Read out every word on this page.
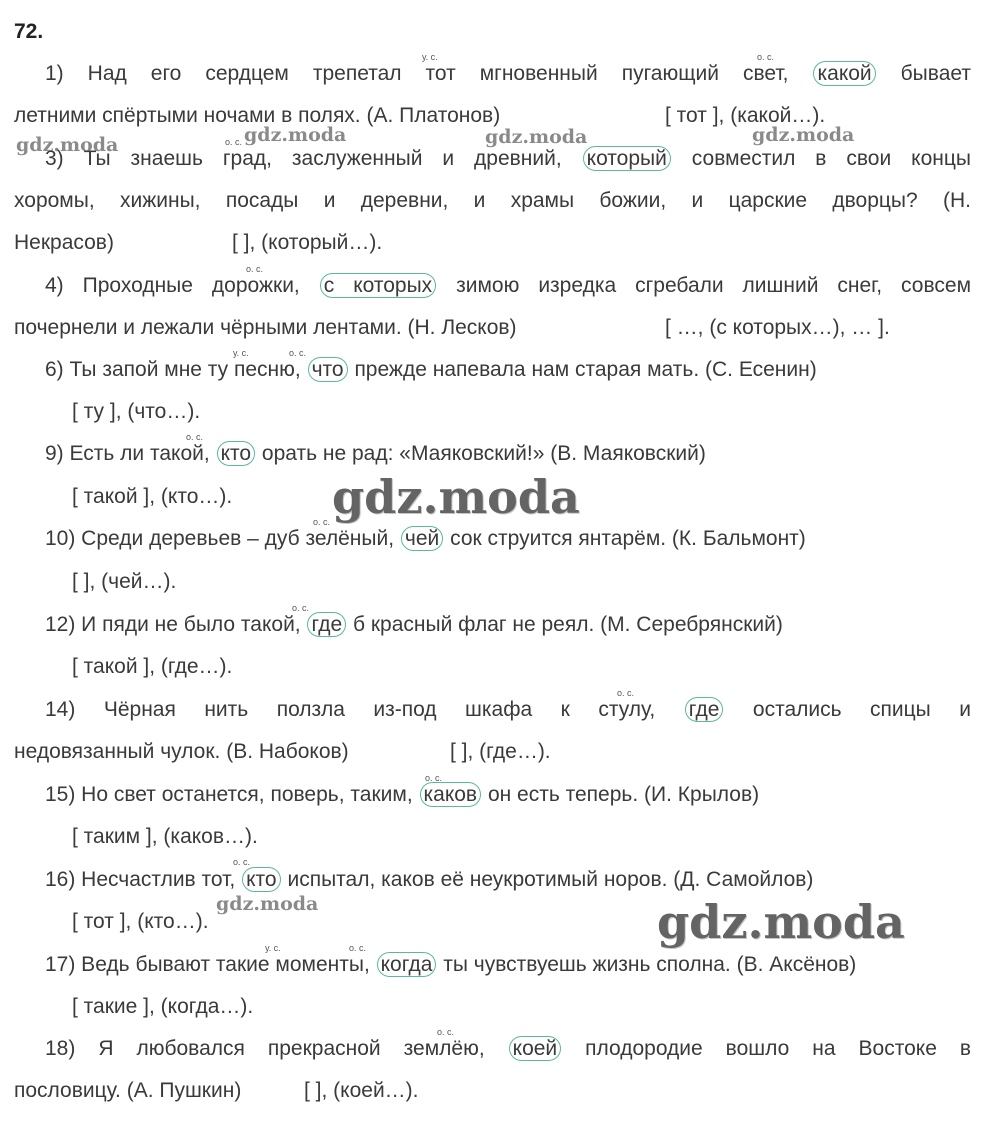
72.
1) Над его сердцем трепетал тот мгновенный пугающий свет, какой бывает
летними спёртыми ночами в полях. (А. Платонов)	[ тот ], (какой…).
у. с.	о. с.
3) Ты знаешь град, заслуженный и древний, который совместил в свои концы
хоромы, хижины, посады и деревни, и храмы божии, и царские дворцы? (Н.
Некрасов)	[ ], (который…).
о. с.
4) Проходные дорожки, с которых зимою изредка сгребали лишний снег, совсем
почернели и лежали чёрными лентами. (Н. Лесков)	[ …, (с которых…), … ].
о. с.
6) Ты запой мне ту песню, что прежде напевала нам старая мать. (С. Есенин)
[ ту ], (что…).
у. с.	о. с.
9) Есть ли такой, кто орать не рад: «Маяковский!» (В. Маяковский)
[ такой ], (кто…).
о. с.
10) Среди деревьев – дуб зелёный, чей сок струится янтарём. (К. Бальмонт)
[ ], (чей…).
о. с.
12) И пяди не было такой, где б красный флаг не реял. (М. Серебрянский)
[ такой ], (где…).
о. с.
14) Чёрная нить ползла из-под шкафа к стулу, где остались спицы и
недовязанный чулок. (В. Набоков)	[ ], (где…).
о. с.
15) Но свет останется, поверь, таким, каков он есть теперь. (И. Крылов)
[ таким ], (каков…).
о. с.
16) Несчастлив тот, кто испытал, каков её неукротимый норов. (Д. Самойлов)
[ тот ], (кто…).
о. с.
17) Ведь бывают такие моменты, когда ты чувствуешь жизнь сполна. (В. Аксёнов)
[ такие ], (когда…).
у. с.	о. с.
18) Я любовался прекрасной землёю, коей плодородие вошло на Востоке в
пословицу. (А. Пушкин)	[ ], (коей…).
о. с.
gdz.moda	gdz.moda	gdz.moda	gdz.moda
gdz.moda
gdz.moda	gdz.moda
